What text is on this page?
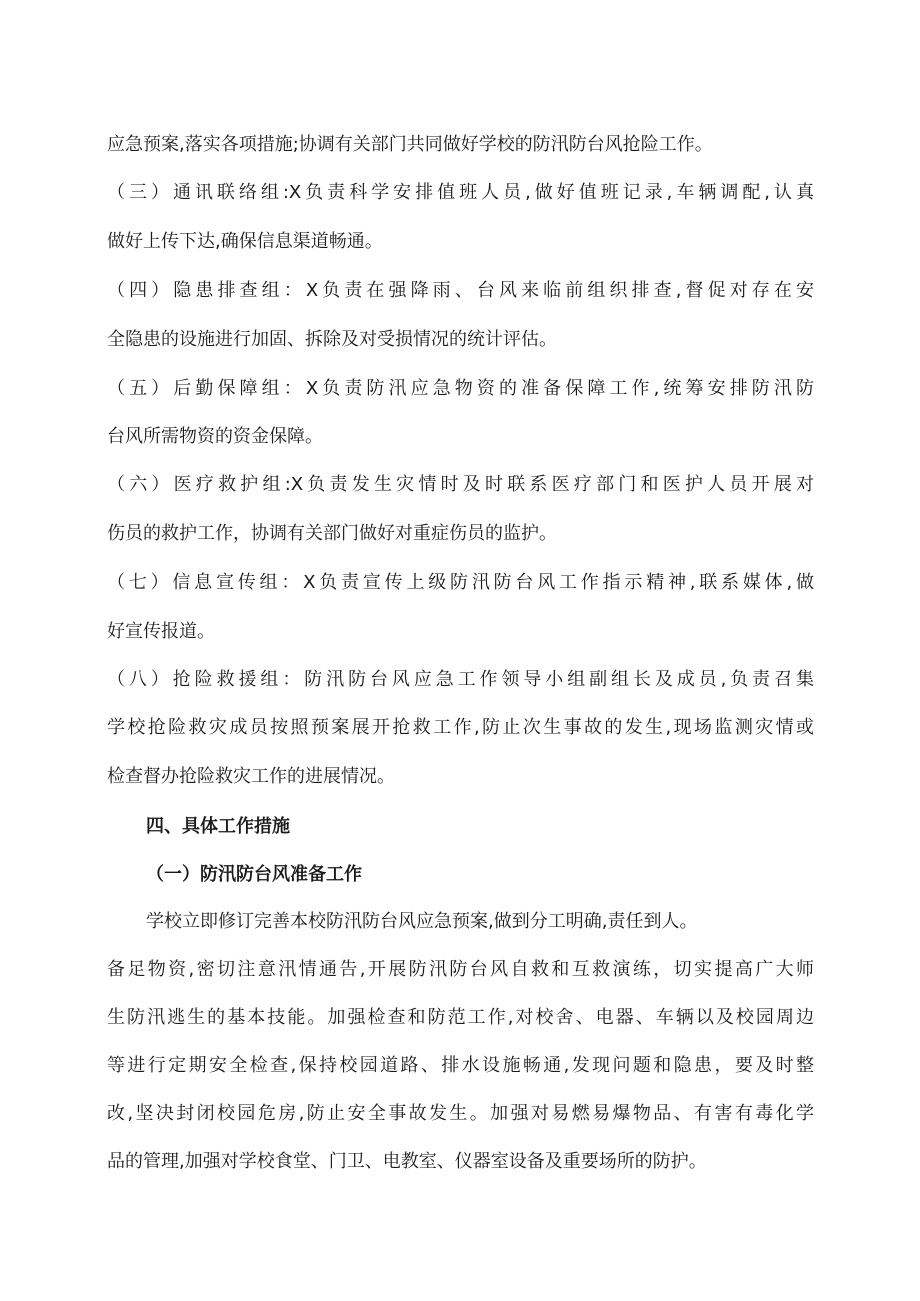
应急预案,落实各项措施;协调有关部门共同做好学校的防汛防台风抢险工作。
（三）通讯联络组:X负责科学安排值班人员,做好值班记录,车辆调配,认真
做好上传下达,确保信息渠道畅通。
（四）隐患排查组：X负责在强降雨、台风来临前组织排查,督促对存在安
全隐患的设施进行加固、拆除及对受损情况的统计评估。
（五）后勤保障组：X负责防汛应急物资的准备保障工作,统筹安排防汛防
台风所需物资的资金保障。
（六）医疗救护组:X负责发生灾情时及时联系医疗部门和医护人员开展对
伤员的救护工作，协调有关部门做好对重症伤员的监护。
（七）信息宣传组：X负责宣传上级防汛防台风工作指示精神,联系媒体,做
好宣传报道。
（八）抢险救援组：防汛防台风应急工作领导小组副组长及成员,负责召集
学校抢险救灾成员按照预案展开抢救工作,防止次生事故的发生,现场监测灾情或
检查督办抢险救灾工作的进展情况。
四、具体工作措施
（一）防汛防台风准备工作
学校立即修订完善本校防汛防台风应急预案,做到分工明确,责任到人。
备足物资,密切注意汛情通告,开展防汛防台风自救和互救演练，切实提高广大师
生防汛逃生的基本技能。加强检查和防范工作,对校舍、电器、车辆以及校园周边
等进行定期安全检查,保持校园道路、排水设施畅通,发现问题和隐患，要及时整
改,坚决封闭校园危房,防止安全事故发生。加强对易燃易爆物品、有害有毒化学
品的管理,加强对学校食堂、门卫、电教室、仪器室设备及重要场所的防护。
